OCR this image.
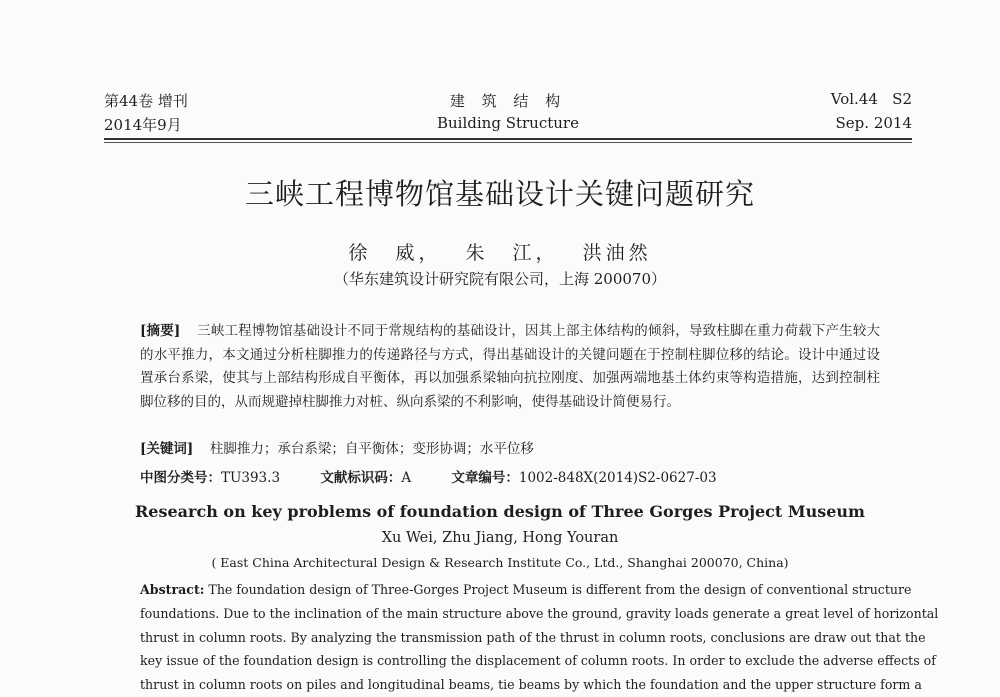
第44卷 增刊
2014年9月
建 筑 结 构
Building Structure
Vol.44   S2
Sep. 2014
三峡工程博物馆基础设计关键问题研究
徐 威， 朱 江， 洪油然
（华东建筑设计研究院有限公司，上海 200070）
[摘要] 三峡工程博物馆基础设计不同于常规结构的基础设计，因其上部主体结构的倾斜，导致柱脚在重力荷载下产生较大的水平推力，本文通过分析柱脚推力的传递路径与方式，得出基础设计的关键问题在于控制柱脚位移的结论。设计中通过设置承台系梁，使其与上部结构形成自平衡体，再以加强系梁轴向抗拉刚度、加强两端地基土体约束等构造措施，达到控制柱脚位移的目的，从而规避掉柱脚推力对桩、纵向系梁的不利影响，使得基础设计简便易行。
[关键词] 柱脚推力；承台系梁；自平衡体；变形协调；水平位移
中图分类号：TU393.3	文献标识码：A	文章编号：1002-848X(2014)S2-0627-03
Research on key problems of foundation design of Three Gorges Project Museum
Xu Wei, Zhu Jiang, Hong Youran
( East China Architectural Design & Research Institute Co., Ltd., Shanghai 200070, China)
Abstract: The foundation design of Three-Gorges Project Museum is different from the design of conventional structure
foundations. Due to the inclination of the main structure above the ground, gravity loads generate a great level of horizontal
thrust in column roots. By analyzing the transmission path of the thrust in column roots, conclusions are draw out that the
key issue of the foundation design is controlling the displacement of column roots. In order to exclude the adverse effects of
thrust in column roots on piles and longitudinal beams, tie beams by which the foundation and the upper structure form a
